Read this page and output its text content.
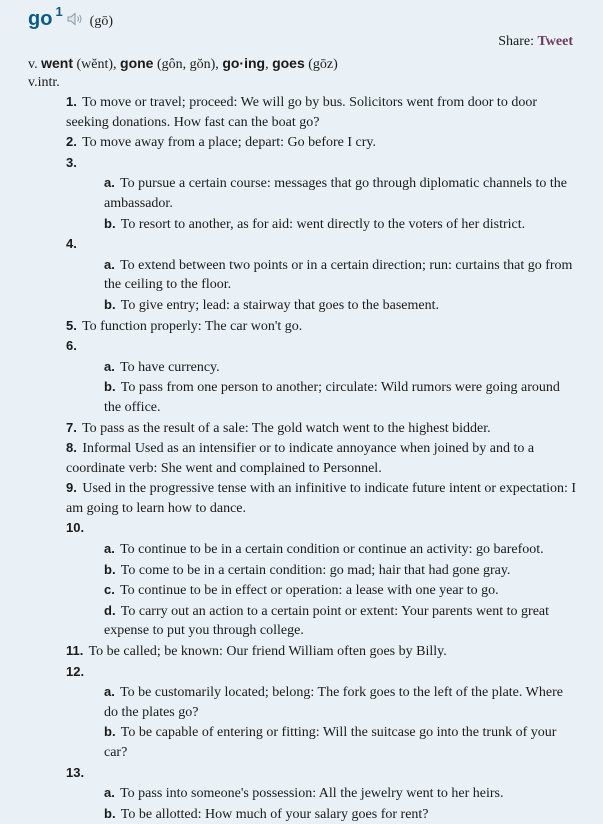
go 1  (gō)
Share: Tweet
v. went (wĕnt), gone (gôn, gŏn), go·ing, goes (gōz)
v.intr.
1. To move or travel; proceed: We will go by bus. Solicitors went from door to door seeking donations. How fast can the boat go?
2. To move away from a place; depart: Go before I cry.
3.
a. To pursue a certain course: messages that go through diplomatic channels to the ambassador.
b. To resort to another, as for aid: went directly to the voters of her district.
4.
a. To extend between two points or in a certain direction; run: curtains that go from the ceiling to the floor.
b. To give entry; lead: a stairway that goes to the basement.
5. To function properly: The car won't go.
6.
a. To have currency.
b. To pass from one person to another; circulate: Wild rumors were going around the office.
7. To pass as the result of a sale: The gold watch went to the highest bidder.
8. Informal Used as an intensifier or to indicate annoyance when joined by and to a coordinate verb: She went and complained to Personnel.
9. Used in the progressive tense with an infinitive to indicate future intent or expectation: I am going to learn how to dance.
10.
a. To continue to be in a certain condition or continue an activity: go barefoot.
b. To come to be in a certain condition: go mad; hair that had gone gray.
c. To continue to be in effect or operation: a lease with one year to go.
d. To carry out an action to a certain point or extent: Your parents went to great expense to put you through college.
11. To be called; be known: Our friend William often goes by Billy.
12.
a. To be customarily located; belong: The fork goes to the left of the plate. Where do the plates go?
b. To be capable of entering or fitting: Will the suitcase go into the trunk of your car?
13.
a. To pass into someone's possession: All the jewelry went to her heirs.
b. To be allotted: How much of your salary goes for rent?
